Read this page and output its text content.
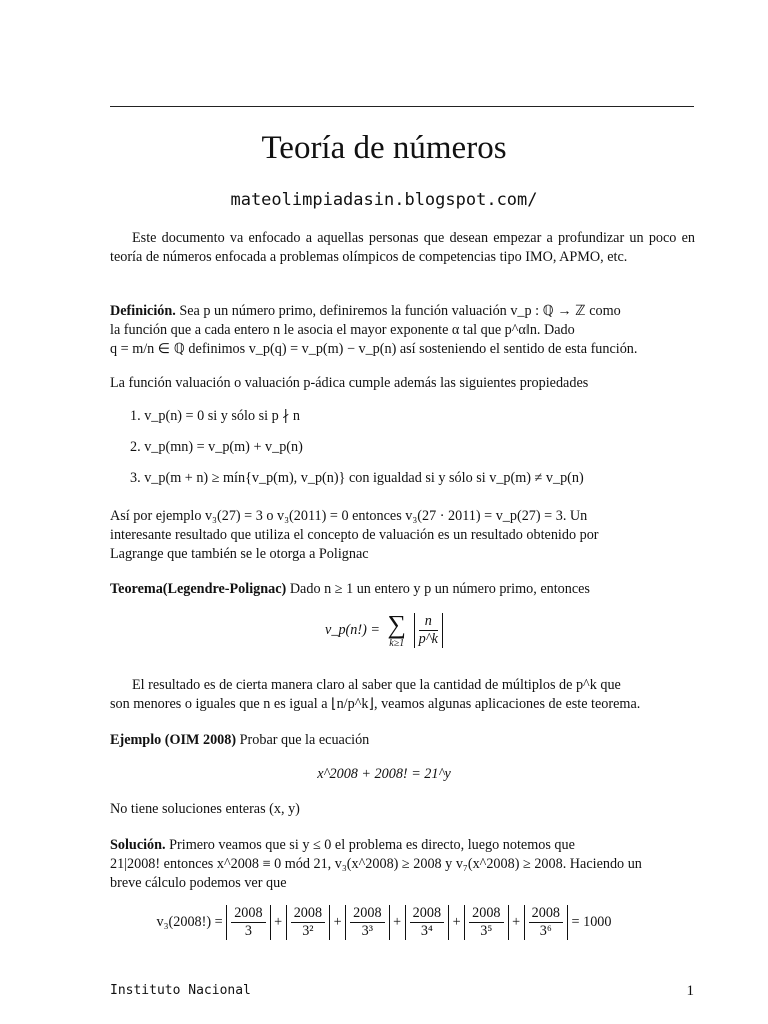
Teoría de números
mateolimpiadasin.blogspot.com/
Este documento va enfocado a aquellas personas que desean empezar a profundizar un poco en teoría de números enfocada a problemas olímpicos de competencias tipo IMO, APMO, etc.
Definición. Sea p un número primo, definiremos la función valuación v_p : ℚ → ℤ como
la función que a cada entero n le asocia el mayor exponente α tal que p^α‖n. Dado
q = m/n ∈ ℚ definimos v_p(q) = v_p(m) − v_p(n) así sosteniendo el sentido de esta función.
La función valuación o valuación p-ádica cumple además las siguientes propiedades
1. v_p(n) = 0 si y sólo si p ∤ n
2. v_p(mn) = v_p(m) + v_p(n)
3. v_p(m + n) ≥ mín{v_p(m), v_p(n)} con igualdad si y sólo si v_p(m) ≠ v_p(n)
Así por ejemplo v₃(27) = 3 o v₃(2011) = 0 entonces v₃(27 · 2011) = v_p(27) = 3. Un
interesante resultado que utiliza el concepto de valuación es un resultado obtenido por
Lagrange que también se le otorga a Polignac
Teorema(Legendre-Polignac) Dado n ≥ 1 un entero y p un número primo, entonces
v_p(n!) = ∑
k≥1
$\frac{n}{p\^{}k}$
El resultado es de cierta manera claro al saber que la cantidad de múltiplos de p^k que
son menores o iguales que n es igual a ⌊n/p^k⌋, veamos algunas aplicaciones de este teorema.
Ejemplo (OIM 2008) Probar que la ecuación
x^2008 + 2008! = 21^y
No tiene soluciones enteras (x, y)
Solución. Primero veamos que si y ≤ 0 el problema es directo, luego notemos que
21|2008! entonces x^2008 ≡ 0 mód 21, v₃(x^2008) ≥ 2008 y v₇(x^2008) ≥ 2008. Haciendo un
breve cálculo podemos ver que
$v_3(2008!) = \frac{2008}{3} + \frac{2008}{\text{3²}} + \frac{2008}{\text{3³}} + \frac{2008}{\text{3⁴}} + \frac{2008}{\text{3⁵}} + \frac{2008}{\text{3⁶}} = 1000$
Instituto Nacional	1
